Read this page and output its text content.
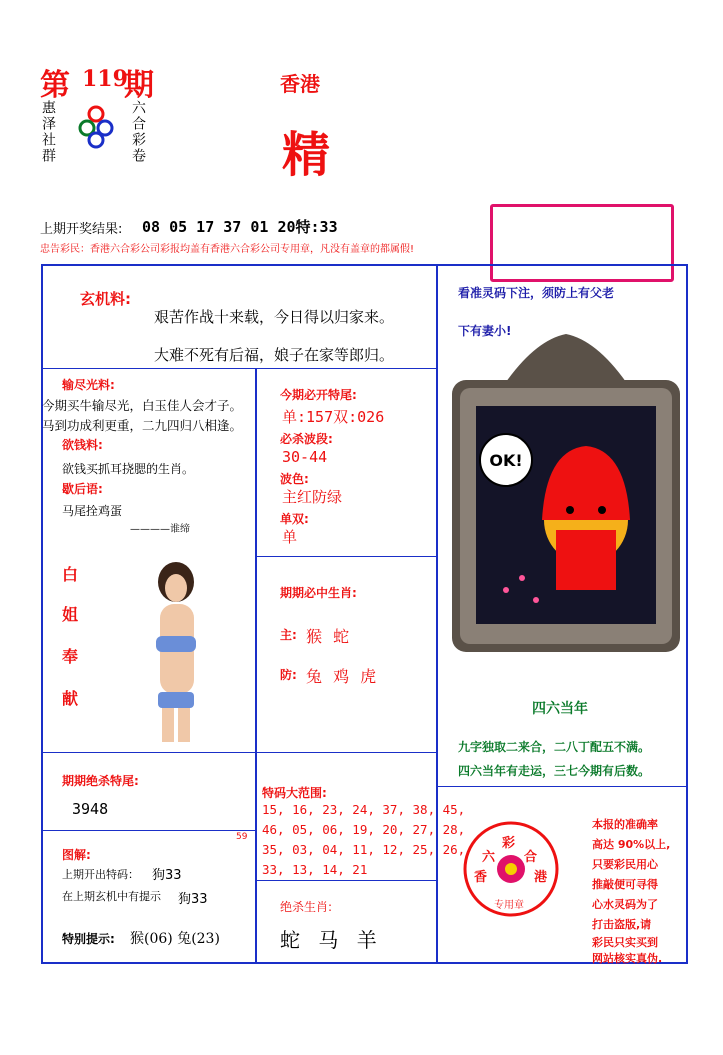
第 119
期
惠泽社群	六合彩卷
香港
精
上期开奖结果: 08 05 17 37 01 20特:33
忠告彩民：香港六合彩公司彩报均盖有香港六合彩公司专用章，凡没有盖章的都属假!
玄机料:
艰苦作战十来载，今日得以归家来。
大难不死有后福，娘子在家等郎归。
输尽光料:
今期买牛输尽光，白玉佳人会才子。
马到功成利更重，二九四归八相逢。
欲钱料:
欲钱买抓耳挠腮的生肖。
歇后语:
马尾拴鸡蛋
————谁缔
白
姐
奉
献
今期必开特尾:
单:157双:026
必杀波段:
30-44
波色:
主红防绿
单双:
单
期期必中生肖:
主: 猴 蛇
防: 兔 鸡 虎
看准灵码下注，须防上有父老
下有妻小!
OK!
四六当年
九字独取二来合，二八丁配五不满。
四六当年有走运，三七今期有后数。
期期绝杀特尾:
3948
特码大范围:
15, 16, 23, 24, 37, 38, 45,
46, 05, 06, 19, 20, 27, 28,
35, 03, 04, 11, 12, 25, 26,
33, 13, 14, 21
59
图解:
上期开出特码： 狗33
在上期玄机中有提示 狗33
特别提示: 猴(06) 兔(23)
绝杀生肖:
蛇 马 羊
六
彩
合
香	港
专用章
本报的准确率
高达 90%以上,
只要彩民用心
推敲便可寻得
心水灵码为了
打击盗版,请
彩民只实买到
网站核实真伪.
